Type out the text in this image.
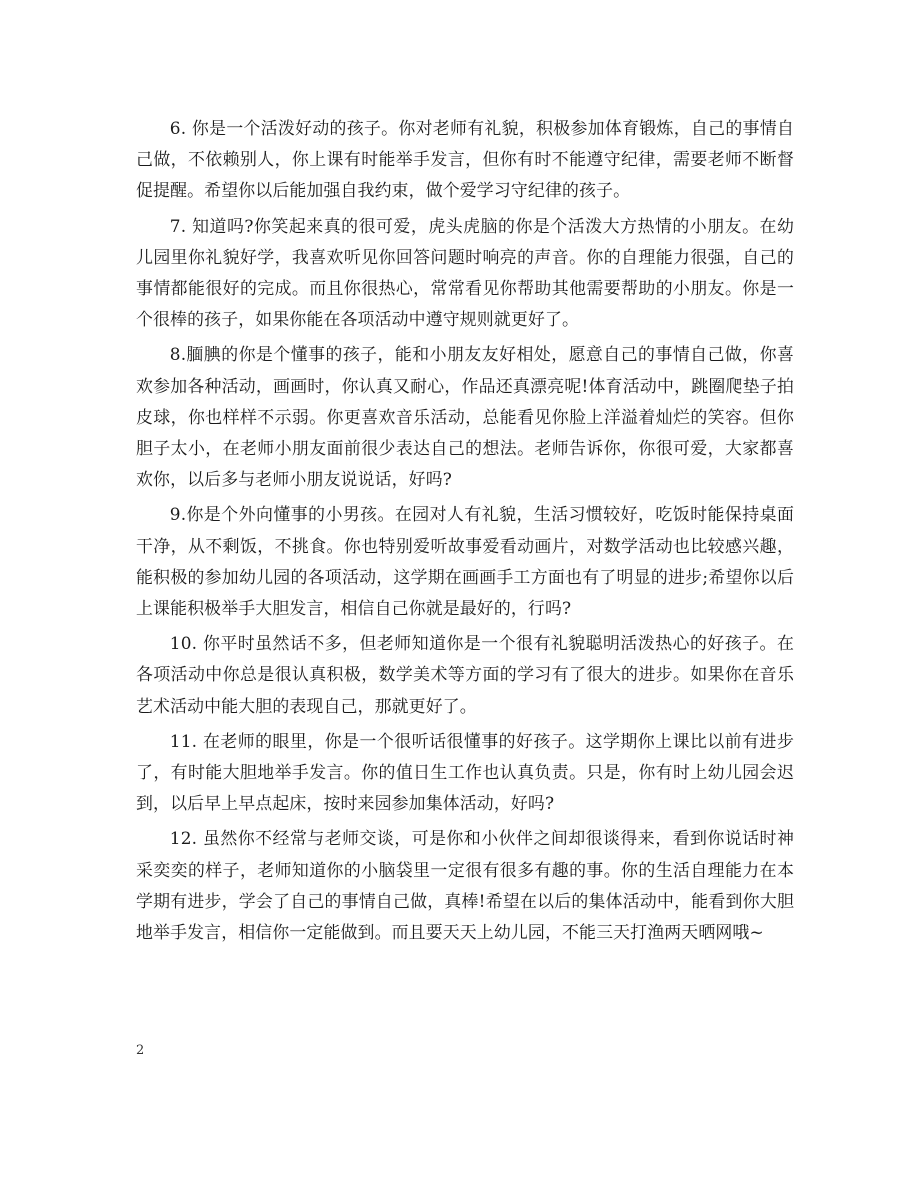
6. 你是一个活泼好动的孩子。你对老师有礼貌，积极参加体育锻炼，自己的事情自己做，不依赖别人，你上课有时能举手发言，但你有时不能遵守纪律，需要老师不断督促提醒。希望你以后能加强自我约束，做个爱学习守纪律的孩子。

7. 知道吗?你笑起来真的很可爱，虎头虎脑的你是个活泼大方热情的小朋友。在幼儿园里你礼貌好学，我喜欢听见你回答问题时响亮的声音。你的自理能力很强，自己的事情都能很好的完成。而且你很热心，常常看见你帮助其他需要帮助的小朋友。你是一个很棒的孩子，如果你能在各项活动中遵守规则就更好了。

8.腼腆的你是个懂事的孩子，能和小朋友友好相处，愿意自己的事情自己做，你喜欢参加各种活动，画画时，你认真又耐心，作品还真漂亮呢!体育活动中，跳圈爬垫子拍皮球，你也样样不示弱。你更喜欢音乐活动，总能看见你脸上洋溢着灿烂的笑容。但你胆子太小，在老师小朋友面前很少表达自己的想法。老师告诉你，你很可爱，大家都喜欢你，以后多与老师小朋友说说话，好吗?

9.你是个外向懂事的小男孩。在园对人有礼貌，生活习惯较好，吃饭时能保持桌面干净，从不剩饭，不挑食。你也特别爱听故事爱看动画片，对数学活动也比较感兴趣，能积极的参加幼儿园的各项活动，这学期在画画手工方面也有了明显的进步;希望你以后上课能积极举手大胆发言，相信自己你就是最好的，行吗?

10. 你平时虽然话不多，但老师知道你是一个很有礼貌聪明活泼热心的好孩子。在各项活动中你总是很认真积极，数学美术等方面的学习有了很大的进步。如果你在音乐艺术活动中能大胆的表现自己，那就更好了。

11. 在老师的眼里，你是一个很听话很懂事的好孩子。这学期你上课比以前有进步了，有时能大胆地举手发言。你的值日生工作也认真负责。只是，你有时上幼儿园会迟到，以后早上早点起床，按时来园参加集体活动，好吗?

12. 虽然你不经常与老师交谈，可是你和小伙伴之间却很谈得来，看到你说话时神采奕奕的样子，老师知道你的小脑袋里一定很有很多有趣的事。你的生活自理能力在本学期有进步，学会了自己的事情自己做，真棒!希望在以后的集体活动中，能看到你大胆地举手发言，相信你一定能做到。而且要天天上幼儿园，不能三天打渔两天晒网哦~

2
